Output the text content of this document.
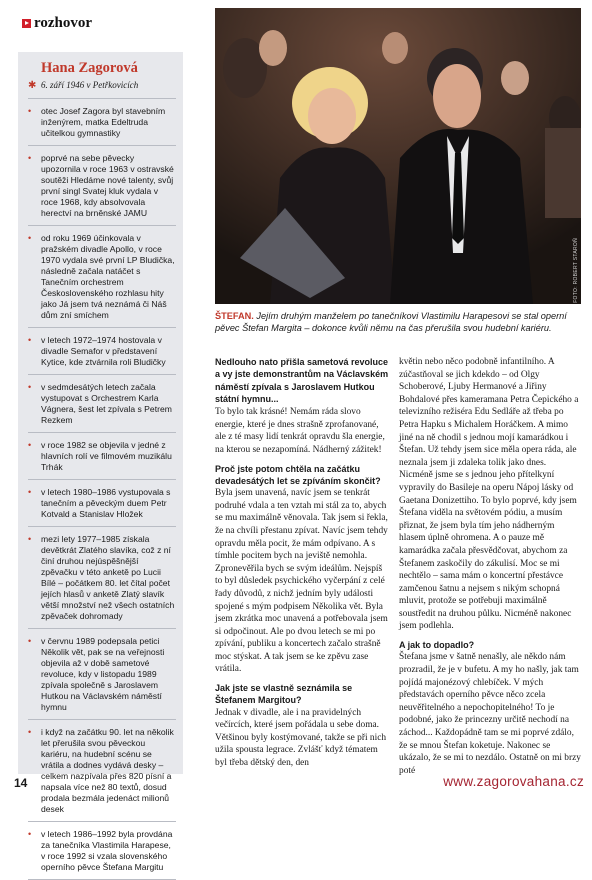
rozhovor
Hana Zagorová
✱ 6. září 1946 v Petřkovicích
•	otec Josef Zagora byl stavebním inženýrem, matka Edeltruda učitelkou gymnastiky
•	poprvé na sebe pěvecky upozornila v roce 1963 v ostravské soutěži Hledáme nové talenty, svůj první singl Svatej kluk vydala v roce 1968, kdy absolvovala herectví na brněnské JAMU
•	od roku 1969 účinkovala v pražském divadle Apollo, v roce 1970 vydala své první LP Bludička, následně začala natáčet s Tanečním orchestrem Československého rozhlasu hity jako Já jsem tvá neznámá či Náš dům zní smíchem
•	v letech 1972–1974 hostovala v divadle Semafor v představení Kytice, kde ztvárnila roli Bludičky
•	v sedmdesátých letech začala vystupovat s Orchestrem Karla Vágnera, šest let zpívala s Petrem Rezkem
•	v roce 1982 se objevila v jedné z hlavních rolí ve filmovém muzikálu Trhák
•	v letech 1980–1986 vystupovala s tanečním a pěveckým duem Petr Kotvald a Stanislav Hložek
•	mezi lety 1977–1985 získala devětkrát Zlatého slavíka, což z ní činí druhou nejúspěšnější zpěvačku v této anketě po Lucii Bílé – počátkem 80. let čítal počet jejích hlasů v anketě Zlatý slavík větší množství než všech ostatních zpěvaček dohromady
•	v červnu 1989 podepsala petici Několik vět, pak se na veřejnosti objevila až v době sametové revoluce, kdy v listopadu 1989 zpívala společně s Jaroslavem Hutkou na Václavském náměstí hymnu
•	i když na začátku 90. let na několik let přerušila svou pěveckou kariéru, na hudební scénu se vrátila a dodnes vydává desky – celkem nazpívala přes 820 písní a napsala více než 80 textů, dosud prodala bezmála jedenáct milionů desek
•	v letech 1986–1992 byla provdána za tanečníka Vlastimila Harapese, v roce 1992 si vzala slovenského operního pěvce Štefana Margitu
FOTO: ROBERT STAROŇ
ŠTEFAN. Jejím druhým manželem po tanečníkovi Vlastimilu Harapesovi se stal operní pěvec Štefan Margita – dokonce kvůli němu na čas přerušila svou hudební kariéru.

Nedlouho nato přišla sametová revoluce a vy jste demonstrantům na Václavském náměstí zpívala s Jaroslavem Hutkou státní hymnu...

To bylo tak krásné! Nemám ráda slovo energie, které je dnes strašně zprofanované, ale z té masy lidí tenkrát opravdu šla energie, na kterou se nezapomíná. Nádherný zážitek!

Proč jste potom chtěla na začátku devadesátých let se zpíváním skončit?

Byla jsem unavená, navíc jsem se tenkrát podruhé vdala a ten vztah mi stál za to, abych se mu maximálně věnovala. Tak jsem si řekla, že na chvíli přestanu zpívat. Navíc jsem tehdy opravdu měla pocit, že mám odpívano. A s tímhle pocitem bych na jeviště nemohla. Zpronevěřila bych se svým ideálům. Nejspíš to byl důsledek psychického vyčerpání z celé řady důvodů, z nichž jedním byly události spojené s mým podpisem Několika vět. Byla jsem zkrátka moc unavená a potřebovala jsem si odpočinout. Ale po dvou letech se mi po zpívání, publiku a koncertech začalo strašně moc stýskat. A tak jsem se ke zpěvu zase vrátila.

Jak jste se vlastně seznámila se Štefanem Margitou?

Jednak v divadle, ale i na pravidelných večírcích, které jsem pořádala u sebe doma. Většinou byly kostýmované, takže se při nich užila spousta legrace. Zvlášť když tématem byl třeba dětský den, den

květin nebo něco podobně infantilního. A zúčastňoval se jich kdekdo – od Olgy Schoberové, Ljuby Hermanové a Jiřiny Bohdalové přes kameramana Petra Čepického a televizního režiséra Edu Sedláře až třeba po Petra Hapku s Michalem Horáčkem. A mimo jiné na ně chodil s jednou mojí kamarádkou i Štefan. Už tehdy jsem sice měla opera ráda, ale neznala jsem ji zdaleka tolik jako dnes. Nicméně jsme se s jednou jeho přítelkyní vypravily do Basileje na operu Nápoj lásky od Gaetana Donizettiho. To bylo poprvé, kdy jsem Štefana viděla na světovém pódiu, a musím přiznat, že jsem byla tím jeho nádherným hlasem úplně ohromena. A o pauze mě kamarádka začala přesvědčovat, abychom za Štefanem zaskočily do zákulisí. Moc se mi nechtělo – sama mám o koncertní přestávce zamčenou šatnu a nejsem s nikým schopná mluvit, protože se potřebuji maximálně soustředit na druhou půlku. Nicméně nakonec jsem podlehla.

A jak to dopadlo?

Štefana jsme v šatně nenašly, ale někdo nám prozradil, že je v bufetu. A my ho našly, jak tam pojídá majonézový chlebíček. V mých představách operního pěvce něco zcela neuvěřitelného a nepochopitelného! To je podobné, jako že princezny určitě nechodí na záchod... Každopádně tam se mi poprvé zdálo, že se mnou Štefan koketuje. Nakonec se ukázalo, že se mi to nezdálo. Ostatně on mi brzy poté

14	www.zagorovahana.cz
